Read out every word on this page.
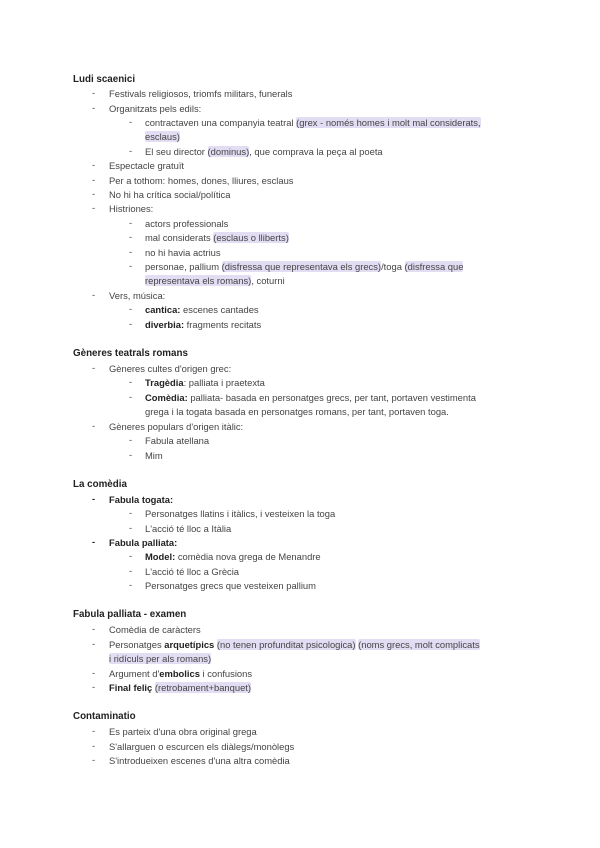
Ludi scaenici
- Festivals religiosos, triomfs militars, funerals
- Organitzats pels edils:
- contractaven una companyia teatral (grex - només homes i molt mal considerats,
esclaus)
- El seu director (dominus), que comprava la peça al poeta
- Espectacle gratuït
- Per a tothom: homes, dones, lliures, esclaus
- No hi ha crítica social/política
- Histriones:
- actors professionals
- mal considerats (esclaus o lliberts)
- no hi havia actrius
- personae, pallium (disfressa que representava els grecs)/toga (disfressa que
representava els romans), coturni
- Vers, música:
- cantica: escenes cantades
- diverbia: fragments recitats
Gèneres teatrals romans
- Gèneres cultes d'origen grec:
- Tragèdia: palliata i praetexta
- Comèdia: palliata- basada en personatges grecs, per tant, portaven vestimenta
grega i la togata basada en personatges romans, per tant, portaven toga.
- Gèneres populars d'origen itàlic:
- Fabula atellana
- Mim
La comèdia
- Fabula togata:
- Personatges llatins i itàlics, i vesteixen la toga
- L'acció té lloc a Itàlia
- Fabula palliata:
- Model: comèdia nova grega de Menandre
- L'acció té lloc a Grècia
- Personatges grecs que vesteixen pallium
Fabula palliata - examen
- Comèdia de caràcters
- Personatges arquetípics (no tenen profunditat psicologica) (noms grecs, molt complicats
i ridículs per als romans)
- Argument d'embolics i confusions
- Final feliç (retrobament+banquet)
Contaminatio
- Es parteix d'una obra original grega
- S'allarguen o escurcen els diàlegs/monòlegs
- S'introdueixen escenes d'una altra comèdia
